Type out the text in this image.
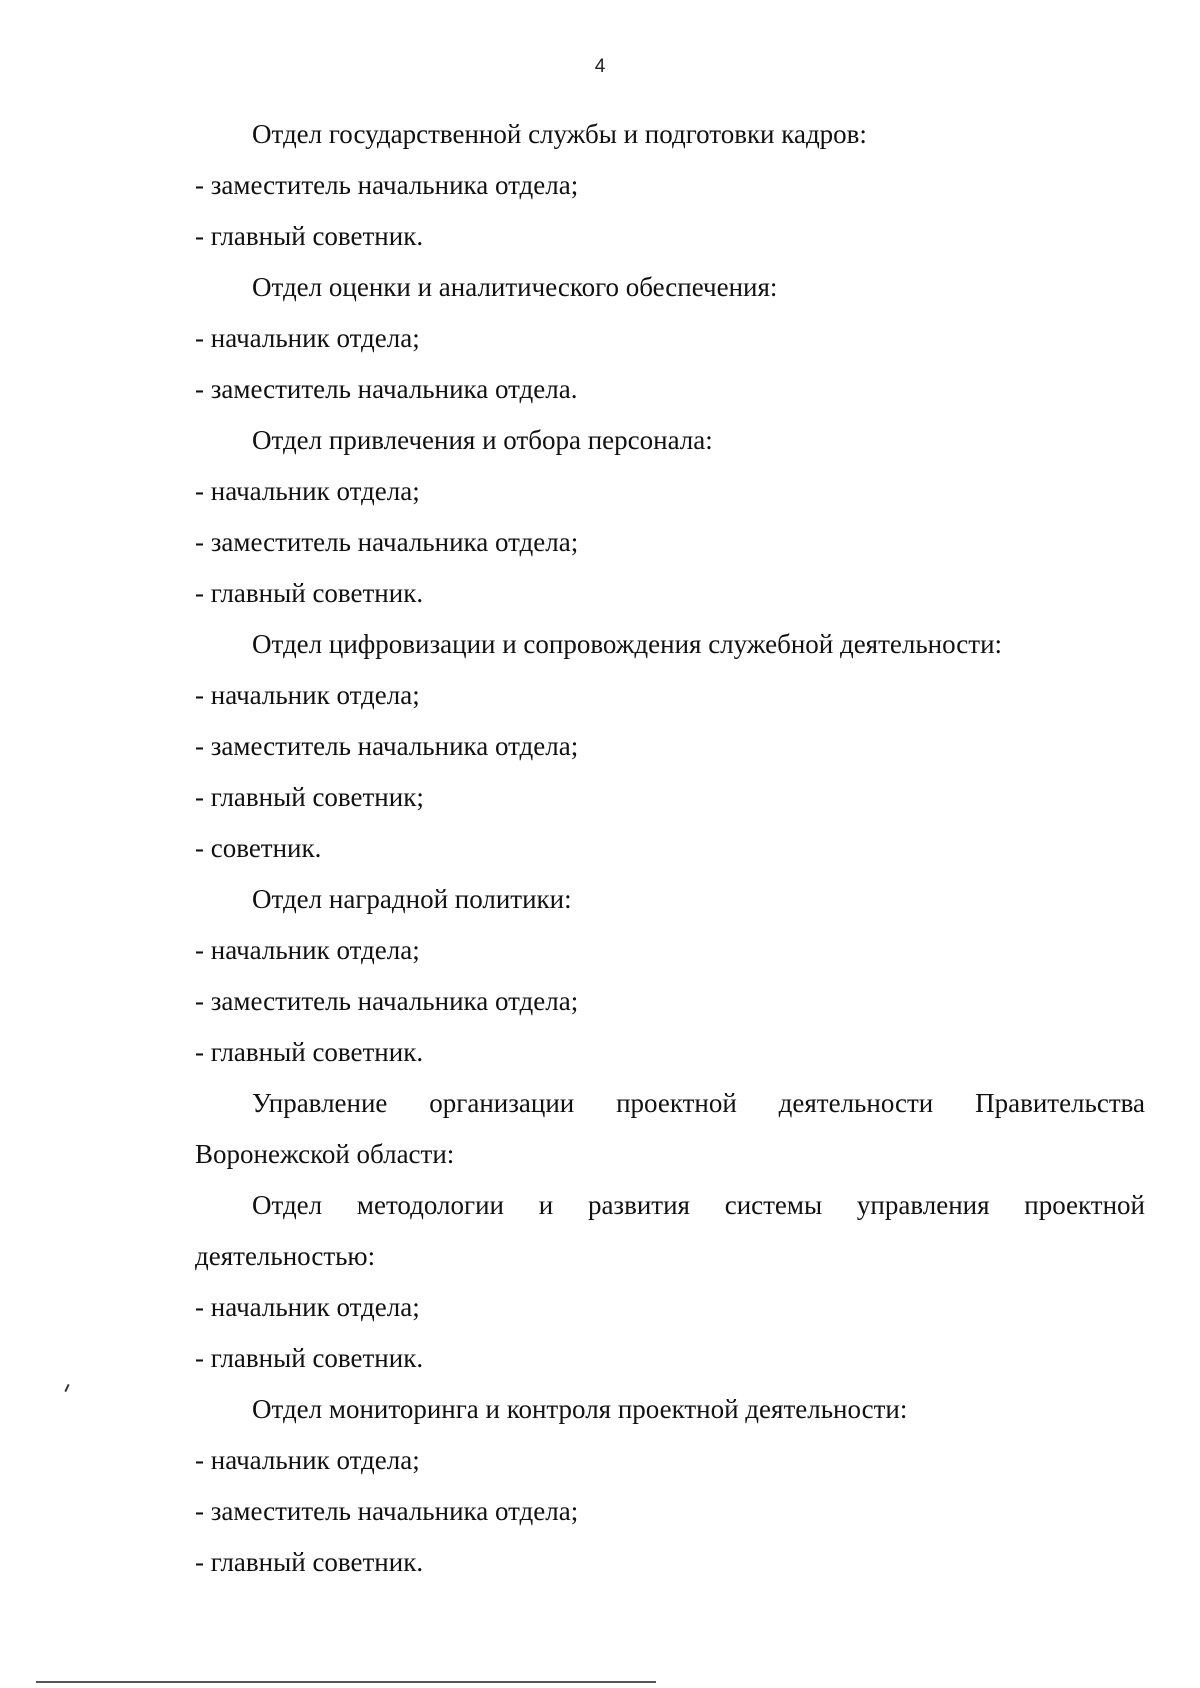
4

Отдел государственной службы и подготовки кадров:

- заместитель начальника отдела;

- главный советник.

Отдел оценки и аналитического обеспечения:

- начальник отдела;

- заместитель начальника отдела.

Отдел привлечения и отбора персонала:

- начальник отдела;

- заместитель начальника отдела;

- главный советник.

Отдел цифровизации и сопровождения служебной деятельности:

- начальник отдела;

- заместитель начальника отдела;

- главный советник;

- советник.

Отдел наградной политики:

- начальник отдела;

- заместитель начальника отдела;

- главный советник.

Управление организации проектной деятельности Правительства Воронежской области:

Отдел методологии и развития системы управления проектной деятельностью:

- начальник отдела;

- главный советник.

Отдел мониторинга и контроля проектной деятельности:

- начальник отдела;

- заместитель начальника отдела;

- главный советник.
